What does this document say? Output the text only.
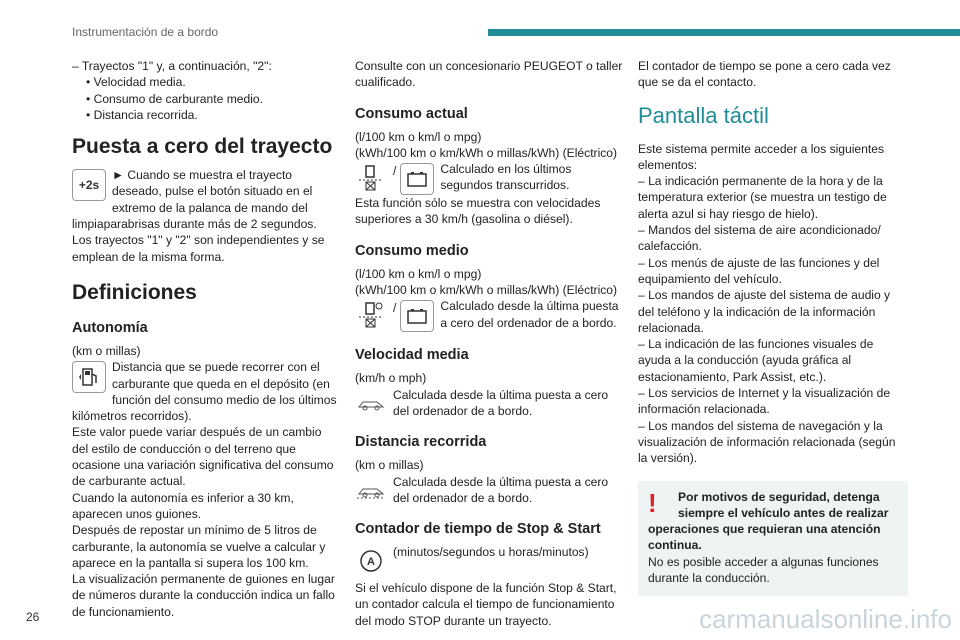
Instrumentación de a bordo

– Trayectos "1" y, a continuación, "2":

• Velocidad media.

• Consumo de carburante medio.

• Distancia recorrida.

Puesta a cero del trayecto
+2s

► Cuando se muestra el trayecto deseado, pulse el botón situado en el extremo de la palanca de mando del limpiaparabrisas durante más de 2 segundos.

Los trayectos "1" y "2" son independientes y se emplean de la misma forma.

Definiciones
Autonomía

(km o millas)

Distancia que se puede recorrer con el carburante que queda en el depósito (en función del consumo medio de los últimos kilómetros recorridos).

Este valor puede variar después de un cambio del estilo de conducción o del terreno que ocasione una variación significativa del consumo de carburante actual.

Cuando la autonomía es inferior a 30 km, aparecen unos guiones.

Después de repostar un mínimo de 5 litros de carburante, la autonomía se vuelve a calcular y aparece en la pantalla si supera los 100 km.

La visualización permanente de guiones en lugar de números durante la conducción indica un fallo de funcionamiento.

Consulte con un concesionario PEUGEOT o taller cualificado.

Consumo actual

(l/100 km o km/l o mpg)

(kWh/100 km o km/kWh o millas/kWh) (Eléctrico)

/	Calculado en los últimos segundos transcurridos.

Esta función sólo se muestra con velocidades superiores a 30 km/h (gasolina o diésel).

Consumo medio

(l/100 km o km/l o mpg)

(kWh/100 km o km/kWh o millas/kWh) (Eléctrico)

/	Calculado desde la última puesta a cero del ordenador de a bordo.

Velocidad media

(km/h o mph)

Calculada desde la última puesta a cero del ordenador de a bordo.

Distancia recorrida

(km o millas)

Calculada desde la última puesta a cero del ordenador de a bordo.

Contador de tiempo de Stop & Start
A

(minutos/segundos u horas/minutos)

Si el vehículo dispone de la función Stop & Start, un contador calcula el tiempo de funcionamiento del modo STOP durante un trayecto.

El contador de tiempo se pone a cero cada vez que se da el contacto.

Pantalla táctil

Este sistema permite acceder a los siguientes elementos:

– La indicación permanente de la hora y de la temperatura exterior (se muestra un testigo de alerta azul si hay riesgo de hielo).

– Mandos del sistema de aire acondicionado/ calefacción.

– Los menús de ajuste de las funciones y del equipamiento del vehículo.

– Los mandos de ajuste del sistema de audio y del teléfono y la indicación de la información relacionada.

– La indicación de las funciones visuales de ayuda a la conducción (ayuda gráfica al estacionamiento, Park Assist, etc.).

– Los servicios de Internet y la visualización de información relacionada.

– Los mandos del sistema de navegación y la visualización de información relacionada (según la versión).

!	Por motivos de seguridad, detenga siempre el vehículo antes de realizar operaciones que requieran una atención continua.

No es posible acceder a algunas funciones durante la conducción.

26	carmanualsonline.info
